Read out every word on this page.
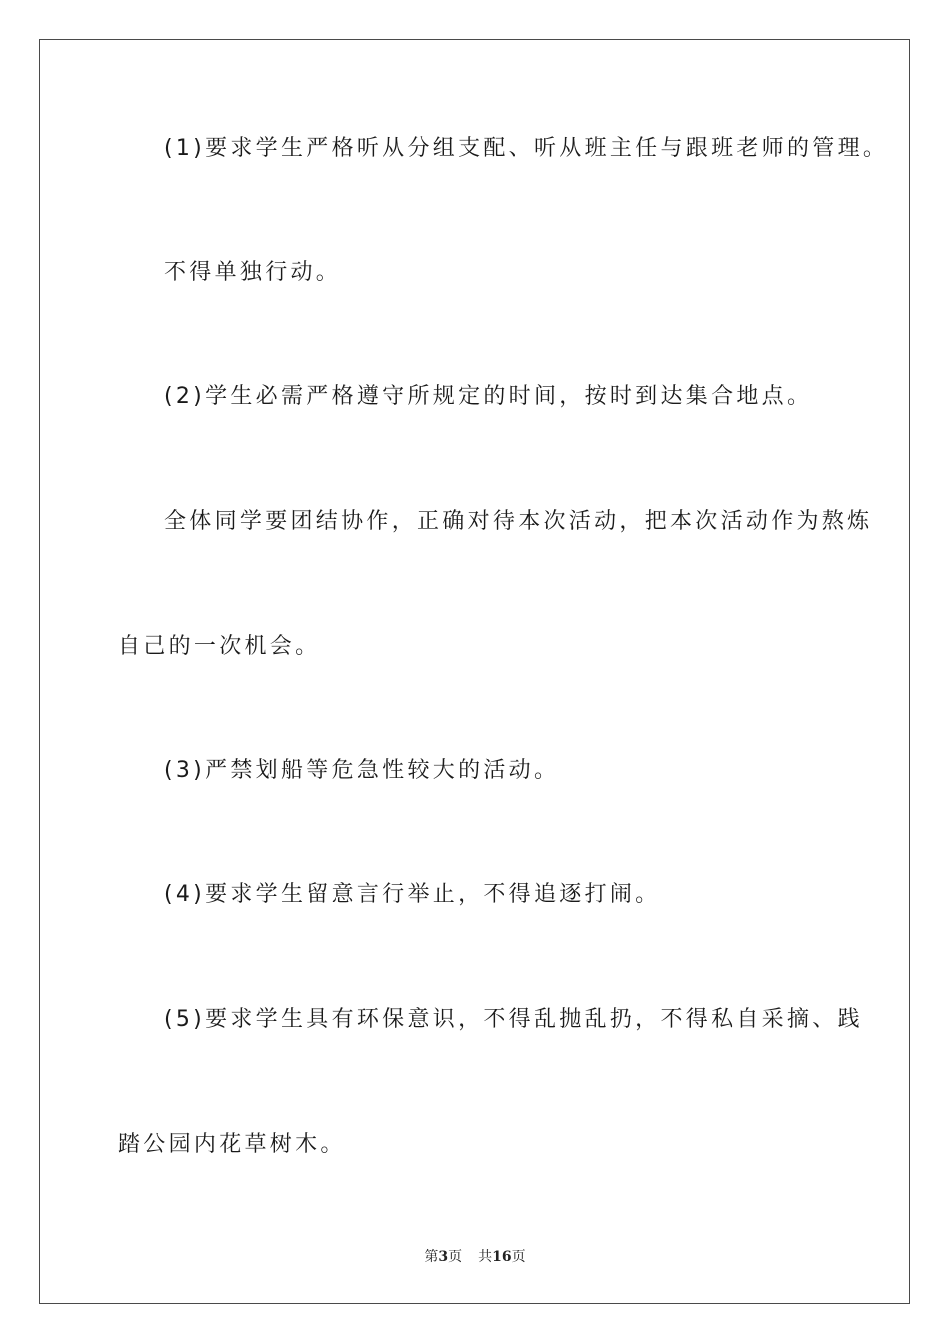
(1)要求学生严格听从分组支配、听从班主任与跟班老师的管理。
不得单独行动。
(2)学生必需严格遵守所规定的时间，按时到达集合地点。
全体同学要团结协作，正确对待本次活动，把本次活动作为熬炼
自己的一次机会。
(3)严禁划船等危急性较大的活动。
(4)要求学生留意言行举止，不得追逐打闹。
(5)要求学生具有环保意识，不得乱抛乱扔，不得私自采摘、践
踏公园内花草树木。
第3页 共16页
